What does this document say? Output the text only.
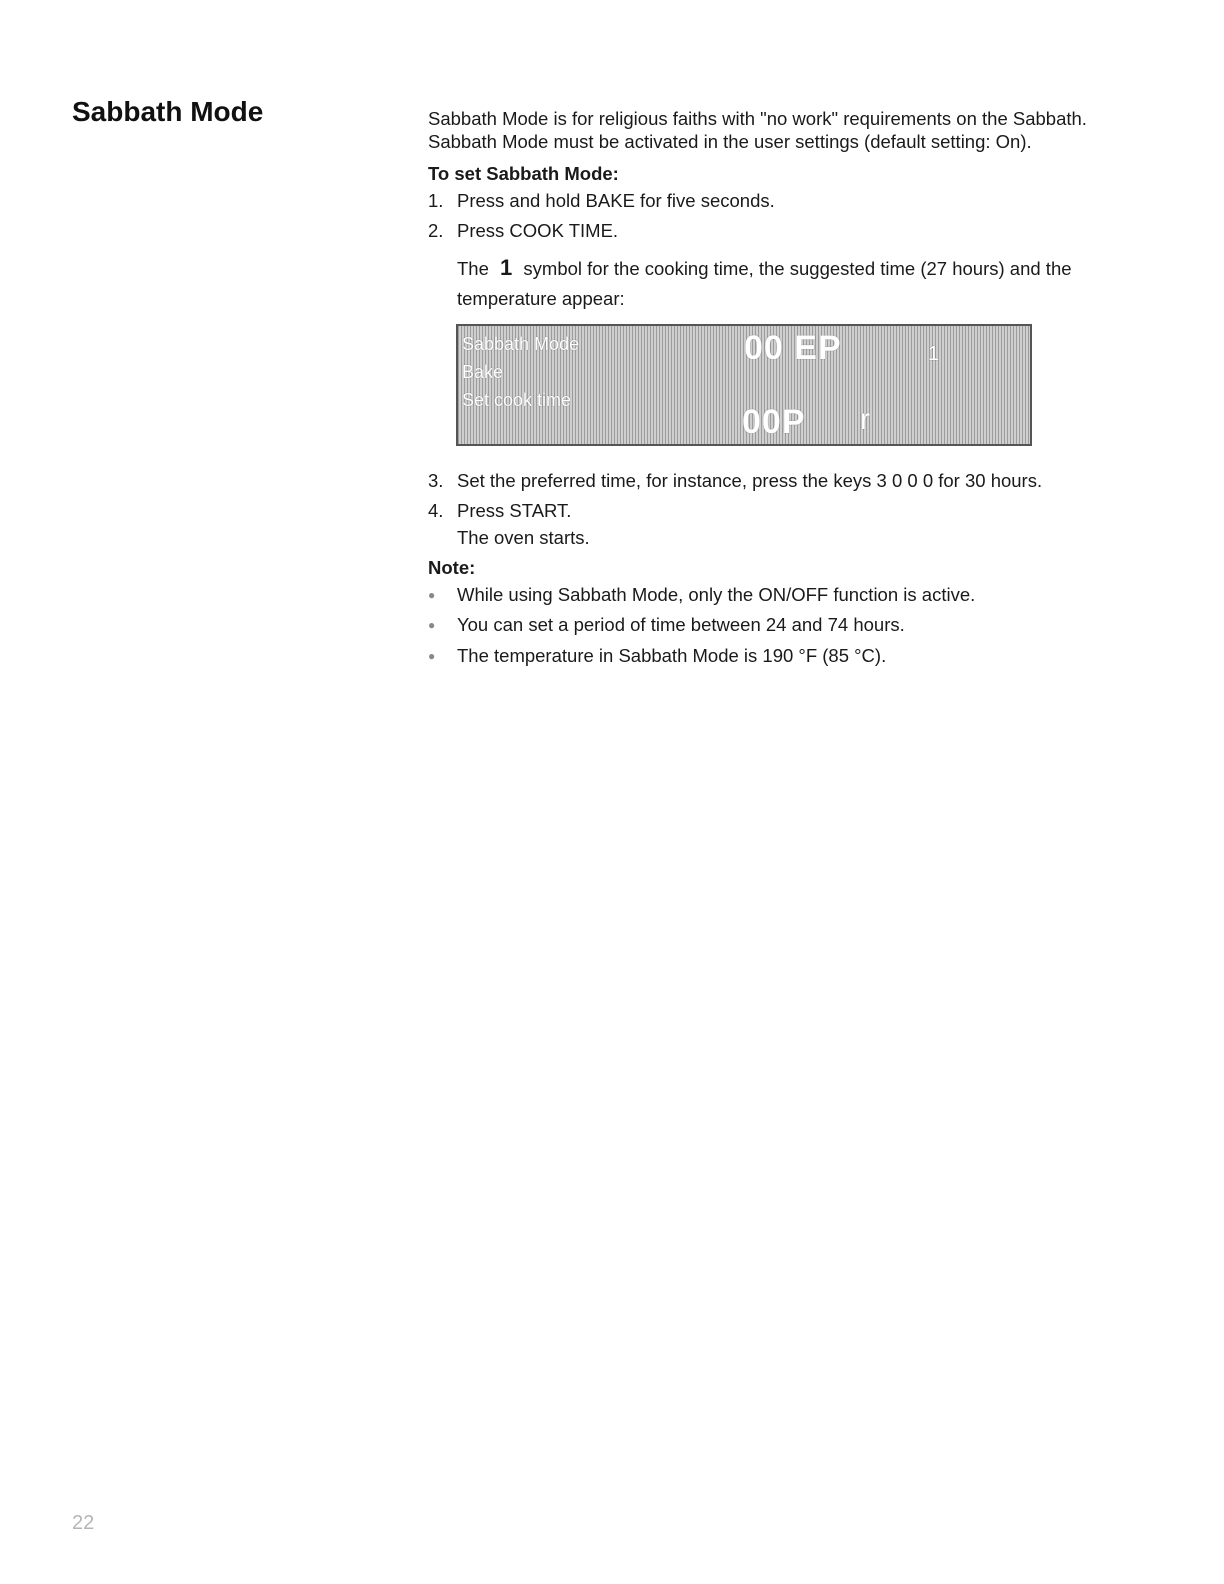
Sabbath Mode	Sabbath Mode is for religious faiths with "no work" requirements on the Sabbath.

Sabbath Mode must be activated in the user settings (default setting: On).

To set Sabbath Mode:
1. Press and hold BAKE for five seconds.
2. Press COOK TIME.

The 1 symbol for the cooking time, the suggested time (27 hours) and the temperature appear:

Sabbath Mode
Bake
Set cook time
00 EP
00P
1
r
3. Set the preferred time, for instance, press the keys 3 0 0 0 for 30 hours.
4. Press START.

The oven starts.

Note:
●	While using Sabbath Mode, only the ON/OFF function is active.
●	You can set a period of time between 24 and 74 hours.
●	The temperature in Sabbath Mode is 190 °F (85 °C).
22
